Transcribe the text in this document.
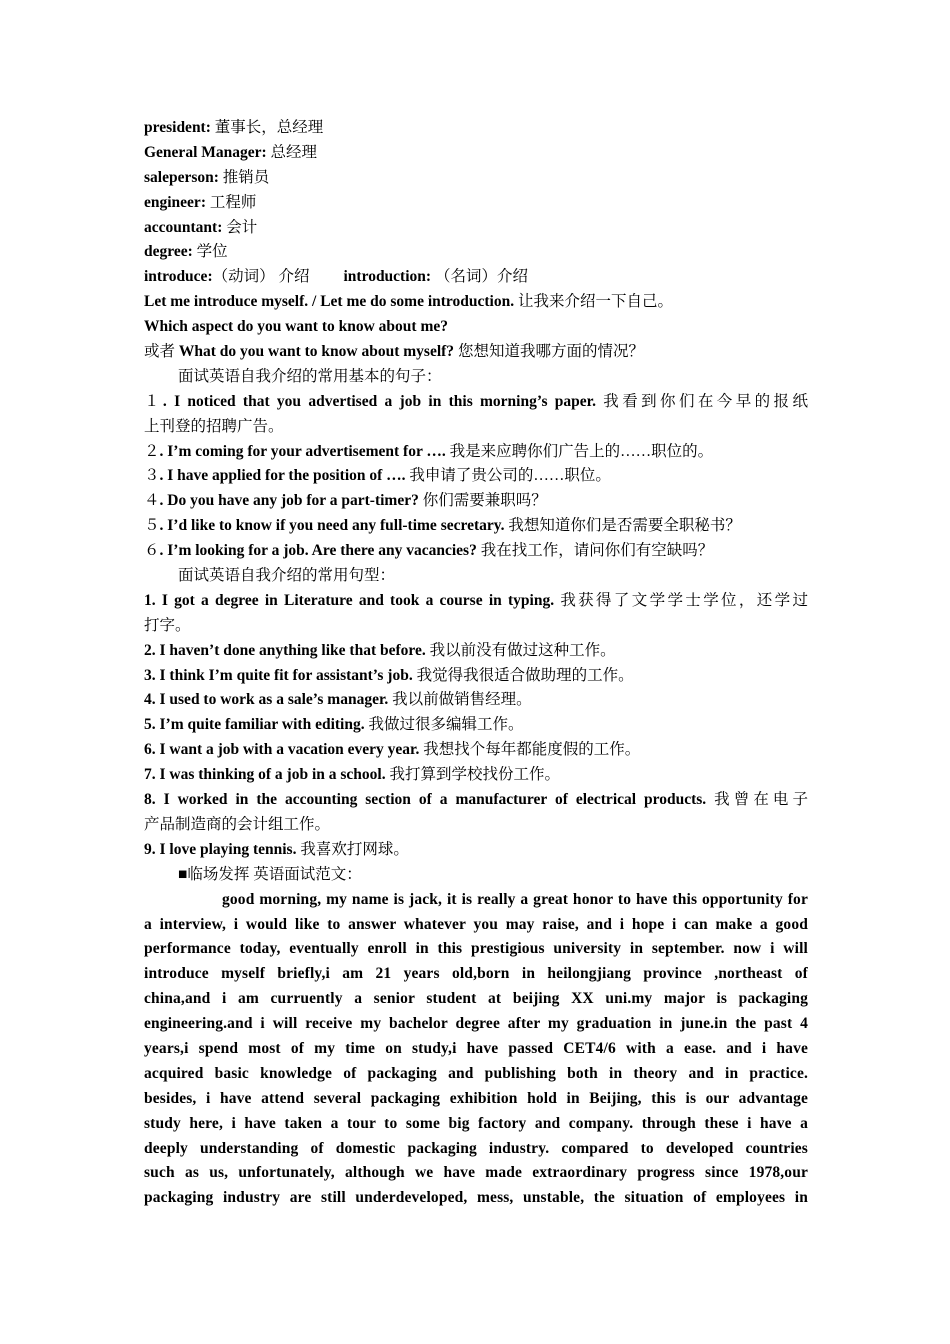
president: 董事长，总经理
General Manager: 总经理
saleperson: 推销员
engineer: 工程师
accountant: 会计
degree: 学位
introduce:（动词） 介绍 introduction: （名词）介绍
Let me introduce myself. / Let me do some introduction. 让我来介绍一下自己。
Which aspect do you want to know about me?
或者 What do you want to know about myself? 您想知道我哪方面的情况？
面试英语自我介绍的常用基本的句子：
１. I noticed that you advertised a job in this morning’s paper. 我看到你们在今早的报纸
上刊登的招聘广告。
２. I’m coming for your advertisement for …. 我是来应聘你们广告上的……职位的。
３. I have applied for the position of …. 我申请了贵公司的……职位。
４. Do you have any job for a part-timer? 你们需要兼职吗？
５. I’d like to know if you need any full-time secretary. 我想知道你们是否需要全职秘书？
６. I’m looking for a job. Are there any vacancies? 我在找工作，请问你们有空缺吗？
面试英语自我介绍的常用句型：
1. I got a degree in Literature and took a course in typing. 我获得了文学学士学位，还学过
打字。
2. I haven’t done anything like that before. 我以前没有做过这种工作。
3. I think I’m quite fit for assistant’s job. 我觉得我很适合做助理的工作。
4. I used to work as a sale’s manager. 我以前做销售经理。
5. I’m quite familiar with editing. 我做过很多编辑工作。
6. I want a job with a vacation every year. 我想找个每年都能度假的工作。
7. I was thinking of a job in a school. 我打算到学校找份工作。
8. I worked in the accounting section of a manufacturer of electrical products. 我曾在电子
产品制造商的会计组工作。
9. I love playing tennis. 我喜欢打网球。
■临场发挥 英语面试范文：
good morning, my name is jack, it is really a great honor to have this opportunity for
a interview, i would like to answer whatever you may raise, and i hope i can make a good
performance today, eventually enroll in this prestigious university in september. now i will
introduce myself briefly,i am 21 years old,born in heilongjiang province ,northeast of
china,and i am curruently a senior student at beijing XX uni.my major is packaging
engineering.and i will receive my bachelor degree after my graduation in june.in the past 4
years,i spend most of my time on study,i have passed CET4/6 with a ease. and i have
acquired basic knowledge of packaging and publishing both in theory and in practice.
besides, i have attend several packaging exhibition hold in Beijing, this is our advantage
study here, i have taken a tour to some big factory and company. through these i have a
deeply understanding of domestic packaging industry. compared to developed countries
such as us, unfortunately, although we have made extraordinary progress since 1978,our
packaging industry are still underdeveloped, mess, unstable, the situation of employees in
